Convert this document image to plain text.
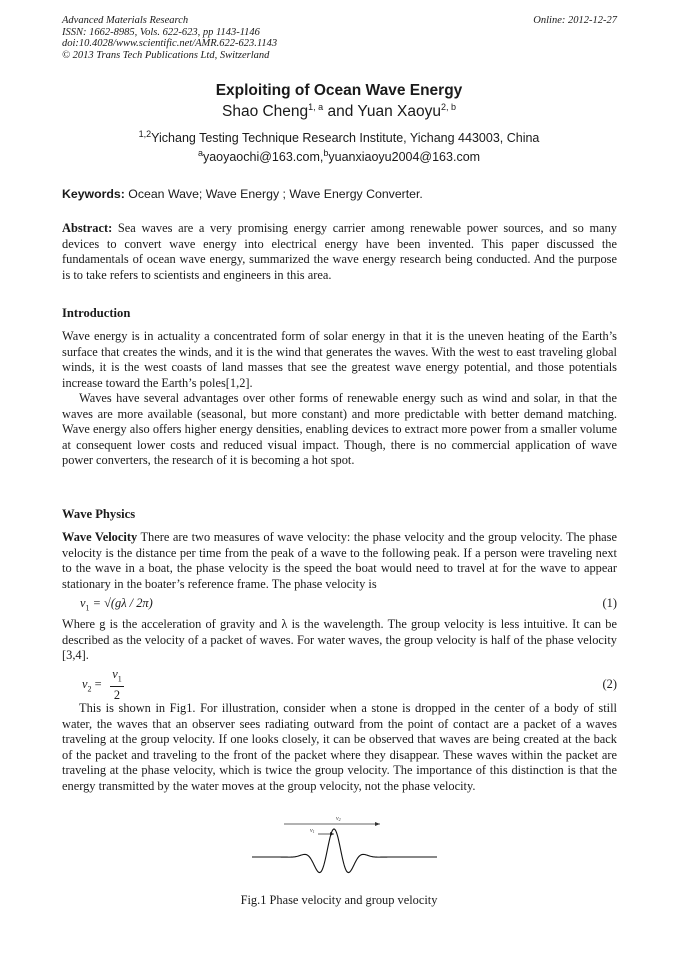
Advanced Materials Research
ISSN: 1662-8985, Vols. 622-623, pp 1143-1146
doi:10.4028/www.scientific.net/AMR.622-623.1143
© 2013 Trans Tech Publications Ltd, Switzerland
Online: 2012-12-27
Exploiting of Ocean Wave Energy
Shao Cheng$^{1, a}$ and Yuan Xaoyu$^{2, b}$
$^{1,2}$Yichang Testing Technique Research Institute, Yichang 443003, China
$^a$yaoyaochi@163.com,$^b$yuanxiaoyu2004@163.com
Keywords: Ocean Wave; Wave Energy ; Wave Energy Converter.

Abstract: Sea waves are a very promising energy carrier among renewable power sources, and so many devices to convert wave energy into electrical energy have been invented. This paper discussed the fundamentals of ocean wave energy, summarized the wave energy research being conducted. And the purpose is to take refers to scientists and engineers in this area.

Introduction

Wave energy is in actuality a concentrated form of solar energy in that it is the uneven heating of the Earth’s surface that creates the winds, and it is the wind that generates the waves. With the west to east traveling global winds, it is the west coasts of land masses that see the greatest wave energy potential, and those potentials increase toward the Earth’s poles[1,2].

Waves have several advantages over other forms of renewable energy such as wind and solar, in that the waves are more available (seasonal, but more constant) and more predictable with better demand matching. Wave energy also offers higher energy densities, enabling devices to extract more power from a smaller volume at consequent lower costs and reduced visual impact. Though, there is no commercial application of wave power converters, the research of it is becoming a hot spot.

Wave Physics

Wave Velocity There are two measures of wave velocity: the phase velocity and the group velocity. The phase velocity is the distance per time from the peak of a wave to the following peak. If a person were traveling next to the wave in a boat, the phase velocity is the speed the boat would need to travel at for the wave to appear stationary in the boater’s reference frame. The phase velocity is

$v_1 = √(g\lambda / 2\pi)$	(1)

Where g is the acceleration of gravity and λ is the wavelength. The group velocity is less intuitive. It can be described as the velocity of a packet of waves. For water waves, the group velocity is half of the phase velocity [3,4].

$v_2$ =
$v_1$
2
(2)

This is shown in Fig1. For illustration, consider when a stone is dropped in the center of a body of still water, the waves that an observer sees radiating outward from the point of contact are a packet of a waves traveling at the group velocity. If one looks closely, it can be observed that waves are being created at the back of the packet and traveling to the front of the packet where they disappear. These waves within the packet are traveling at the phase velocity, which is twice the group velocity. The importance of this distinction is that the energy transmitted by the water moves at the group velocity, not the phase velocity.

v2
v1
Fig.1 Phase velocity and group velocity
